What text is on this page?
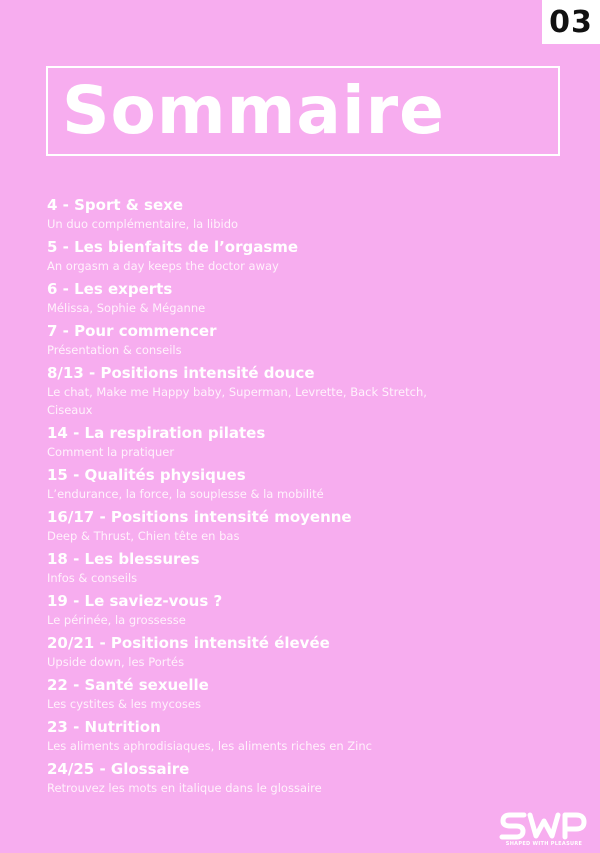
03
Sommaire
4 - Sport & sexe
Un duo complémentaire, la libido
5 - Les bienfaits de l’orgasme
An orgasm a day keeps the doctor away
6 - Les experts
Mélissa, Sophie & Méganne
7 - Pour commencer
Présentation & conseils
8/13 - Positions intensité douce
Le chat, Make me Happy baby, Superman, Levrette, Back Stretch, Ciseaux
14 - La respiration pilates
Comment la pratiquer
15 - Qualités physiques
L’endurance, la force, la souplesse & la mobilité
16/17 - Positions intensité moyenne
Deep & Thrust, Chien tête en bas
18 - Les blessures
Infos & conseils
19 - Le saviez-vous ?
Le périnée, la grossesse
20/21 - Positions intensité élevée
Upside down, les Portés
22 - Santé sexuelle
Les cystites & les mycoses
23 - Nutrition
Les aliments aphrodisiaques, les aliments riches en Zinc
24/25 - Glossaire
Retrouvez les mots en italique dans le glossaire
SHAPED WITH PLEASURE
